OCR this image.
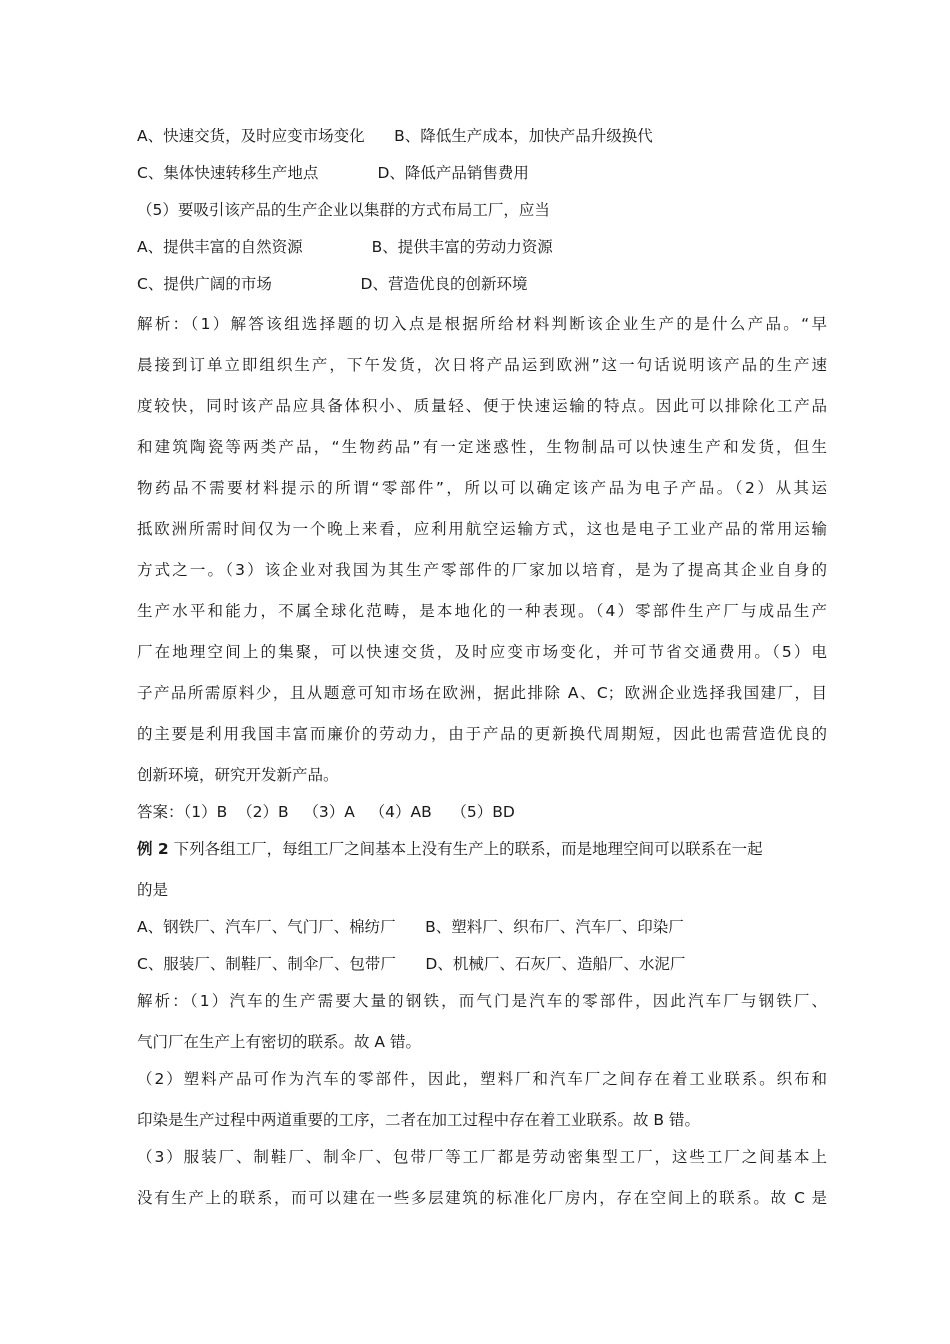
A、快速交货，及时应变市场变化      B、降低生产成本，加快产品升级换代
C、集体快速转移生产地点            D、降低产品销售费用
（5）要吸引该产品的生产企业以集群的方式布局工厂，应当
A、提供丰富的自然资源              B、提供丰富的劳动力资源
C、提供广阔的市场                  D、营造优良的创新环境
解析：（1）解答该组选择题的切入点是根据所给材料判断该企业生产的是什么产品。“早
晨接到订单立即组织生产，下午发货，次日将产品运到欧洲”这一句话说明该产品的生产速
度较快，同时该产品应具备体积小、质量轻、便于快速运输的特点。因此可以排除化工产品
和建筑陶瓷等两类产品，“生物药品”有一定迷惑性，生物制品可以快速生产和发货，但生
物药品不需要材料提示的所谓“零部件”，所以可以确定该产品为电子产品。（2）从其运
抵欧洲所需时间仅为一个晚上来看，应利用航空运输方式，这也是电子工业产品的常用运输
方式之一。（3）该企业对我国为其生产零部件的厂家加以培育，是为了提高其企业自身的
生产水平和能力，不属全球化范畴，是本地化的一种表现。（4）零部件生产厂与成品生产
厂在地理空间上的集聚，可以快速交货，及时应变市场变化，并可节省交通费用。（5）电
子产品所需原料少，且从题意可知市场在欧洲，据此排除 A、C；欧洲企业选择我国建厂，目
的主要是利用我国丰富而廉价的劳动力，由于产品的更新换代周期短，因此也需营造优良的
创新环境，研究开发新产品。
答案：（1）B  （2）B   （3）A   （4）AB    （5）BD
例 2 下列各组工厂，每组工厂之间基本上没有生产上的联系，而是地理空间可以联系在一起
的是
A、钢铁厂、汽车厂、气门厂、棉纺厂      B、塑料厂、织布厂、汽车厂、印染厂
C、服装厂、制鞋厂、制伞厂、包带厂      D、机械厂、石灰厂、造船厂、水泥厂
解析：（1）汽车的生产需要大量的钢铁，而气门是汽车的零部件，因此汽车厂与钢铁厂、
气门厂在生产上有密切的联系。故 A 错。
（2）塑料产品可作为汽车的零部件，因此，塑料厂和汽车厂之间存在着工业联系。织布和
印染是生产过程中两道重要的工序，二者在加工过程中存在着工业联系。故 B 错。
（3）服装厂、制鞋厂、制伞厂、包带厂等工厂都是劳动密集型工厂，这些工厂之间基本上
没有生产上的联系，而可以建在一些多层建筑的标准化厂房内，存在空间上的联系。故 C 是
